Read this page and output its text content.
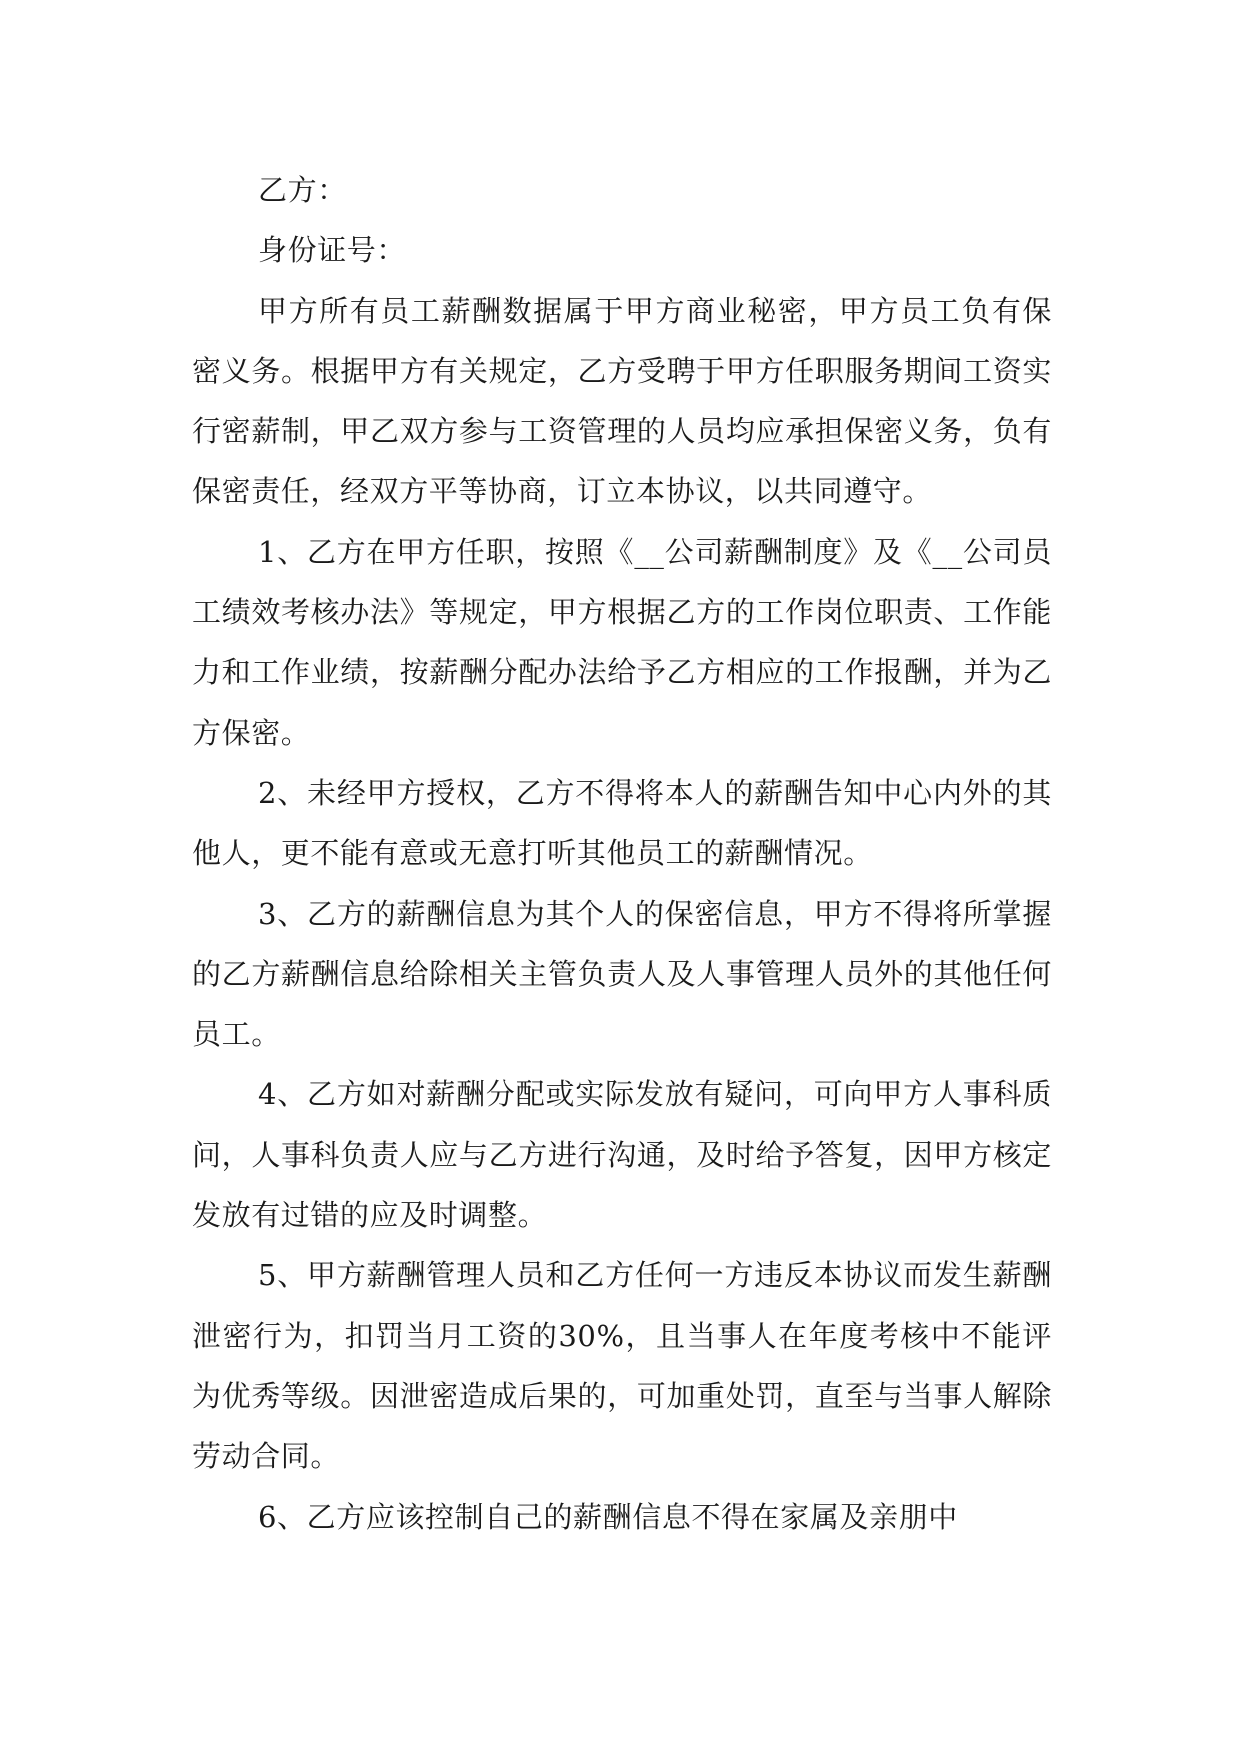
乙方：

身份证号：

甲方所有员工薪酬数据属于甲方商业秘密，甲方员工负有保密义务。根据甲方有关规定，乙方受聘于甲方任职服务期间工资实行密薪制，甲乙双方参与工资管理的人员均应承担保密义务，负有保密责任，经双方平等协商，订立本协议，以共同遵守。

1、乙方在甲方任职，按照《__公司薪酬制度》及《__公司员工绩效考核办法》等规定，甲方根据乙方的工作岗位职责、工作能力和工作业绩，按薪酬分配办法给予乙方相应的工作报酬，并为乙方保密。

2、未经甲方授权，乙方不得将本人的薪酬告知中心内外的其他人，更不能有意或无意打听其他员工的薪酬情况。

3、乙方的薪酬信息为其个人的保密信息，甲方不得将所掌握的乙方薪酬信息给除相关主管负责人及人事管理人员外的其他任何员工。

4、乙方如对薪酬分配或实际发放有疑问，可向甲方人事科质问，人事科负责人应与乙方进行沟通，及时给予答复，因甲方核定发放有过错的应及时调整。

5、甲方薪酬管理人员和乙方任何一方违反本协议而发生薪酬泄密行为，扣罚当月工资的30%，且当事人在年度考核中不能评为优秀等级。因泄密造成后果的，可加重处罚，直至与当事人解除劳动合同。

6、乙方应该控制自己的薪酬信息不得在家属及亲朋中
